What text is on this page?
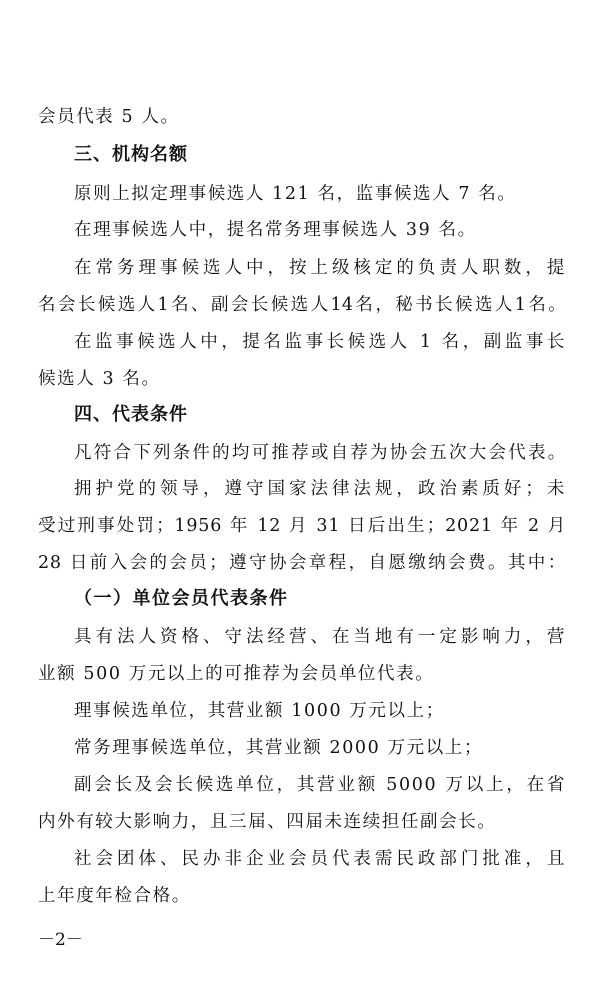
会员代表 5 人。
三、机构名额
原则上拟定理事候选人 121 名，监事候选人 7 名。
在理事候选人中，提名常务理事候选人 39 名。
在常务理事候选人中，按上级核定的负责人职数，提
名会长候选人1名、副会长候选人14名，秘书长候选人1名。
在监事候选人中，提名监事长候选人 1 名，副监事长
候选人 3 名。
四、代表条件
凡符合下列条件的均可推荐或自荐为协会五次大会代表。
拥护党的领导，遵守国家法律法规，政治素质好；未
受过刑事处罚；1956 年 12 月 31 日后出生；2021 年 2 月
28 日前入会的会员；遵守协会章程，自愿缴纳会费。其中：
（一）单位会员代表条件
具有法人资格、守法经营、在当地有一定影响力，营
业额 500 万元以上的可推荐为会员单位代表。
理事候选单位，其营业额 1000 万元以上；
常务理事候选单位，其营业额 2000 万元以上；
副会长及会长候选单位，其营业额 5000 万以上，在省
内外有较大影响力，且三届、四届未连续担任副会长。
社会团体、民办非企业会员代表需民政部门批准，且
上年度年检合格。
－2－
